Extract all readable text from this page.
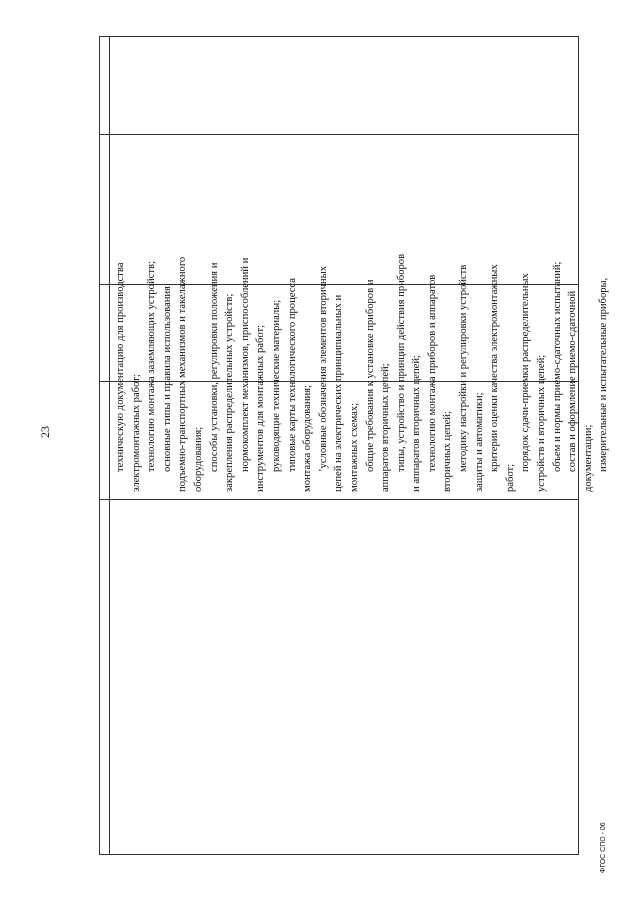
23	техническую документацию для производства электромонтажных работ; технологию монтажа заземляющих устройств; основные типы и правила использования подъемно-транспортных механизмов и такелажного оборудования; способы установки, регулировки положения и закрепления распределительных устройств; нормокомплект механизмов, приспособлений и инструментов для монтажных работ; руководящие технические материалы; типовые карты технологического процесса монтажа оборудования; ʼусловные обозначения элементов вторичных цепей на электрических принципиальных и монтажных схемах; общие требования к установке приборов и аппаратов вторичных цепей; типы, устройство и принцип действия приборов и аппаратов вторичных цепей; технологию монтажа приборов и аппаратов вторичных цепей; методику настройки и регулировки устройств защиты и автоматики; критерии оценки качества электромонтажных
работ;
порядок сдачи-приемки распределительных устройств и вторичных цепей; объем и нормы приемо-сдаточных испытаний; состав и оформление приемо-сдаточной документации; измерительные и испытательные приборы,
ФГОС СПО - 06
